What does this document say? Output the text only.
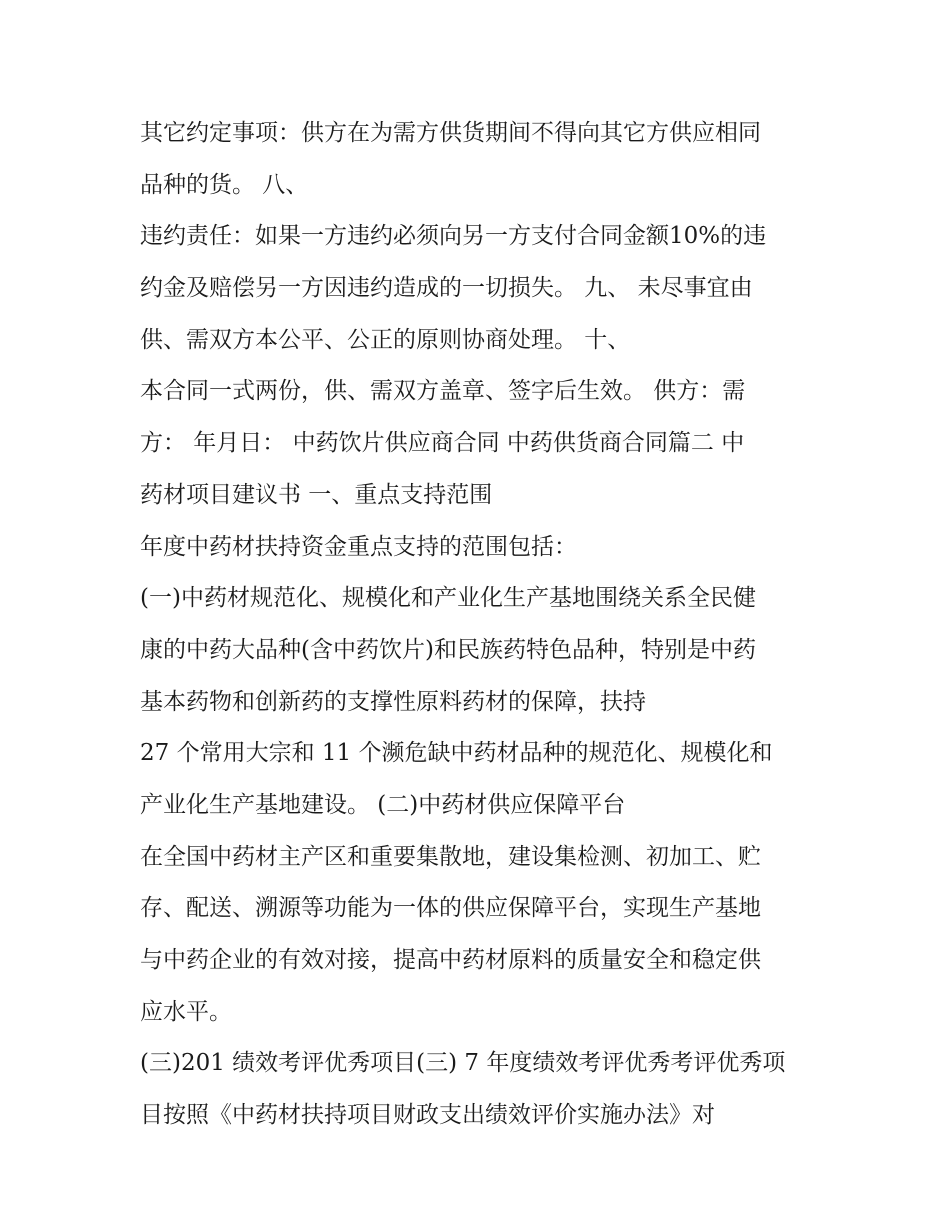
其它约定事项：供方在为需方供货期间不得向其它方供应相同
品种的货。 八、
违约责任：如果一方违约必须向另一方支付合同金额10%的违
约金及赔偿另一方因违约造成的一切损失。 九、 未尽事宜由
供、需双方本公平、公正的原则协商处理。 十、
本合同一式两份，供、需双方盖章、签字后生效。 供方：需
方： 年月日： 中药饮片供应商合同 中药供货商合同篇二 中
药材项目建议书 一、重点支持范围
年度中药材扶持资金重点支持的范围包括：
(一)中药材规范化、规模化和产业化生产基地围绕关系全民健
康的中药大品种(含中药饮片)和民族药特色品种，特别是中药
基本药物和创新药的支撑性原料药材的保障，扶持
27 个常用大宗和 11 个濒危缺中药材品种的规范化、规模化和
产业化生产基地建设。 (二)中药材供应保障平台
在全国中药材主产区和重要集散地，建设集检测、初加工、贮
存、配送、溯源等功能为一体的供应保障平台，实现生产基地
与中药企业的有效对接，提高中药材原料的质量安全和稳定供
应水平。
(三)201 绩效考评优秀项目(三) 7 年度绩效考评优秀考评优秀项
目按照《中药材扶持项目财政支出绩效评价实施办法》对
